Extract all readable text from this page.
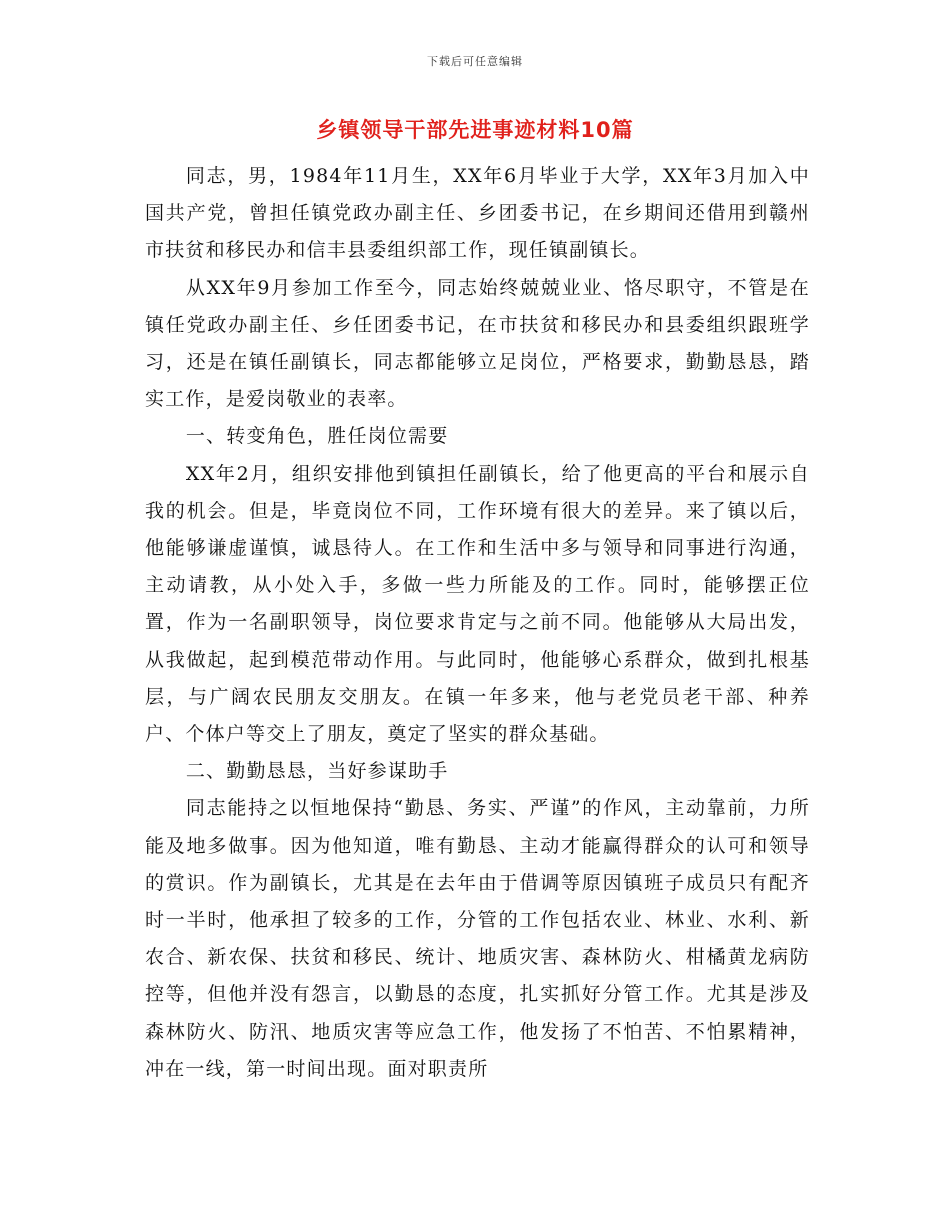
下载后可任意编辑
乡镇领导干部先进事迹材料10篇

同志，男，1984年11月生，XX年6月毕业于大学，XX年3月加入中国共产党，曾担任镇党政办副主任、乡团委书记，在乡期间还借用到赣州市扶贫和移民办和信丰县委组织部工作，现任镇副镇长。

从XX年9月参加工作至今，同志始终兢兢业业、恪尽职守，不管是在镇任党政办副主任、乡任团委书记，在市扶贫和移民办和县委组织跟班学习，还是在镇任副镇长，同志都能够立足岗位，严格要求，勤勤恳恳，踏实工作，是爱岗敬业的表率。

一、转变角色，胜任岗位需要

XX年2月，组织安排他到镇担任副镇长，给了他更高的平台和展示自我的机会。但是，毕竟岗位不同，工作环境有很大的差异。来了镇以后，他能够谦虚谨慎，诚恳待人。在工作和生活中多与领导和同事进行沟通，主动请教，从小处入手，多做一些力所能及的工作。同时，能够摆正位置，作为一名副职领导，岗位要求肯定与之前不同。他能够从大局出发，从我做起，起到模范带动作用。与此同时，他能够心系群众，做到扎根基层，与广阔农民朋友交朋友。在镇一年多来，他与老党员老干部、种养户、个体户等交上了朋友，奠定了坚实的群众基础。

二、勤勤恳恳，当好参谋助手

同志能持之以恒地保持“勤恳、务实、严谨”的作风，主动靠前，力所能及地多做事。因为他知道，唯有勤恳、主动才能赢得群众的认可和领导的赏识。作为副镇长，尤其是在去年由于借调等原因镇班子成员只有配齐时一半时，他承担了较多的工作，分管的工作包括农业、林业、水利、新农合、新农保、扶贫和移民、统计、地质灾害、森林防火、柑橘黄龙病防控等，但他并没有怨言，以勤恳的态度，扎实抓好分管工作。尤其是涉及森林防火、防汛、地质灾害等应急工作，他发扬了不怕苦、不怕累精神，冲在一线，第一时间出现。面对职责所
